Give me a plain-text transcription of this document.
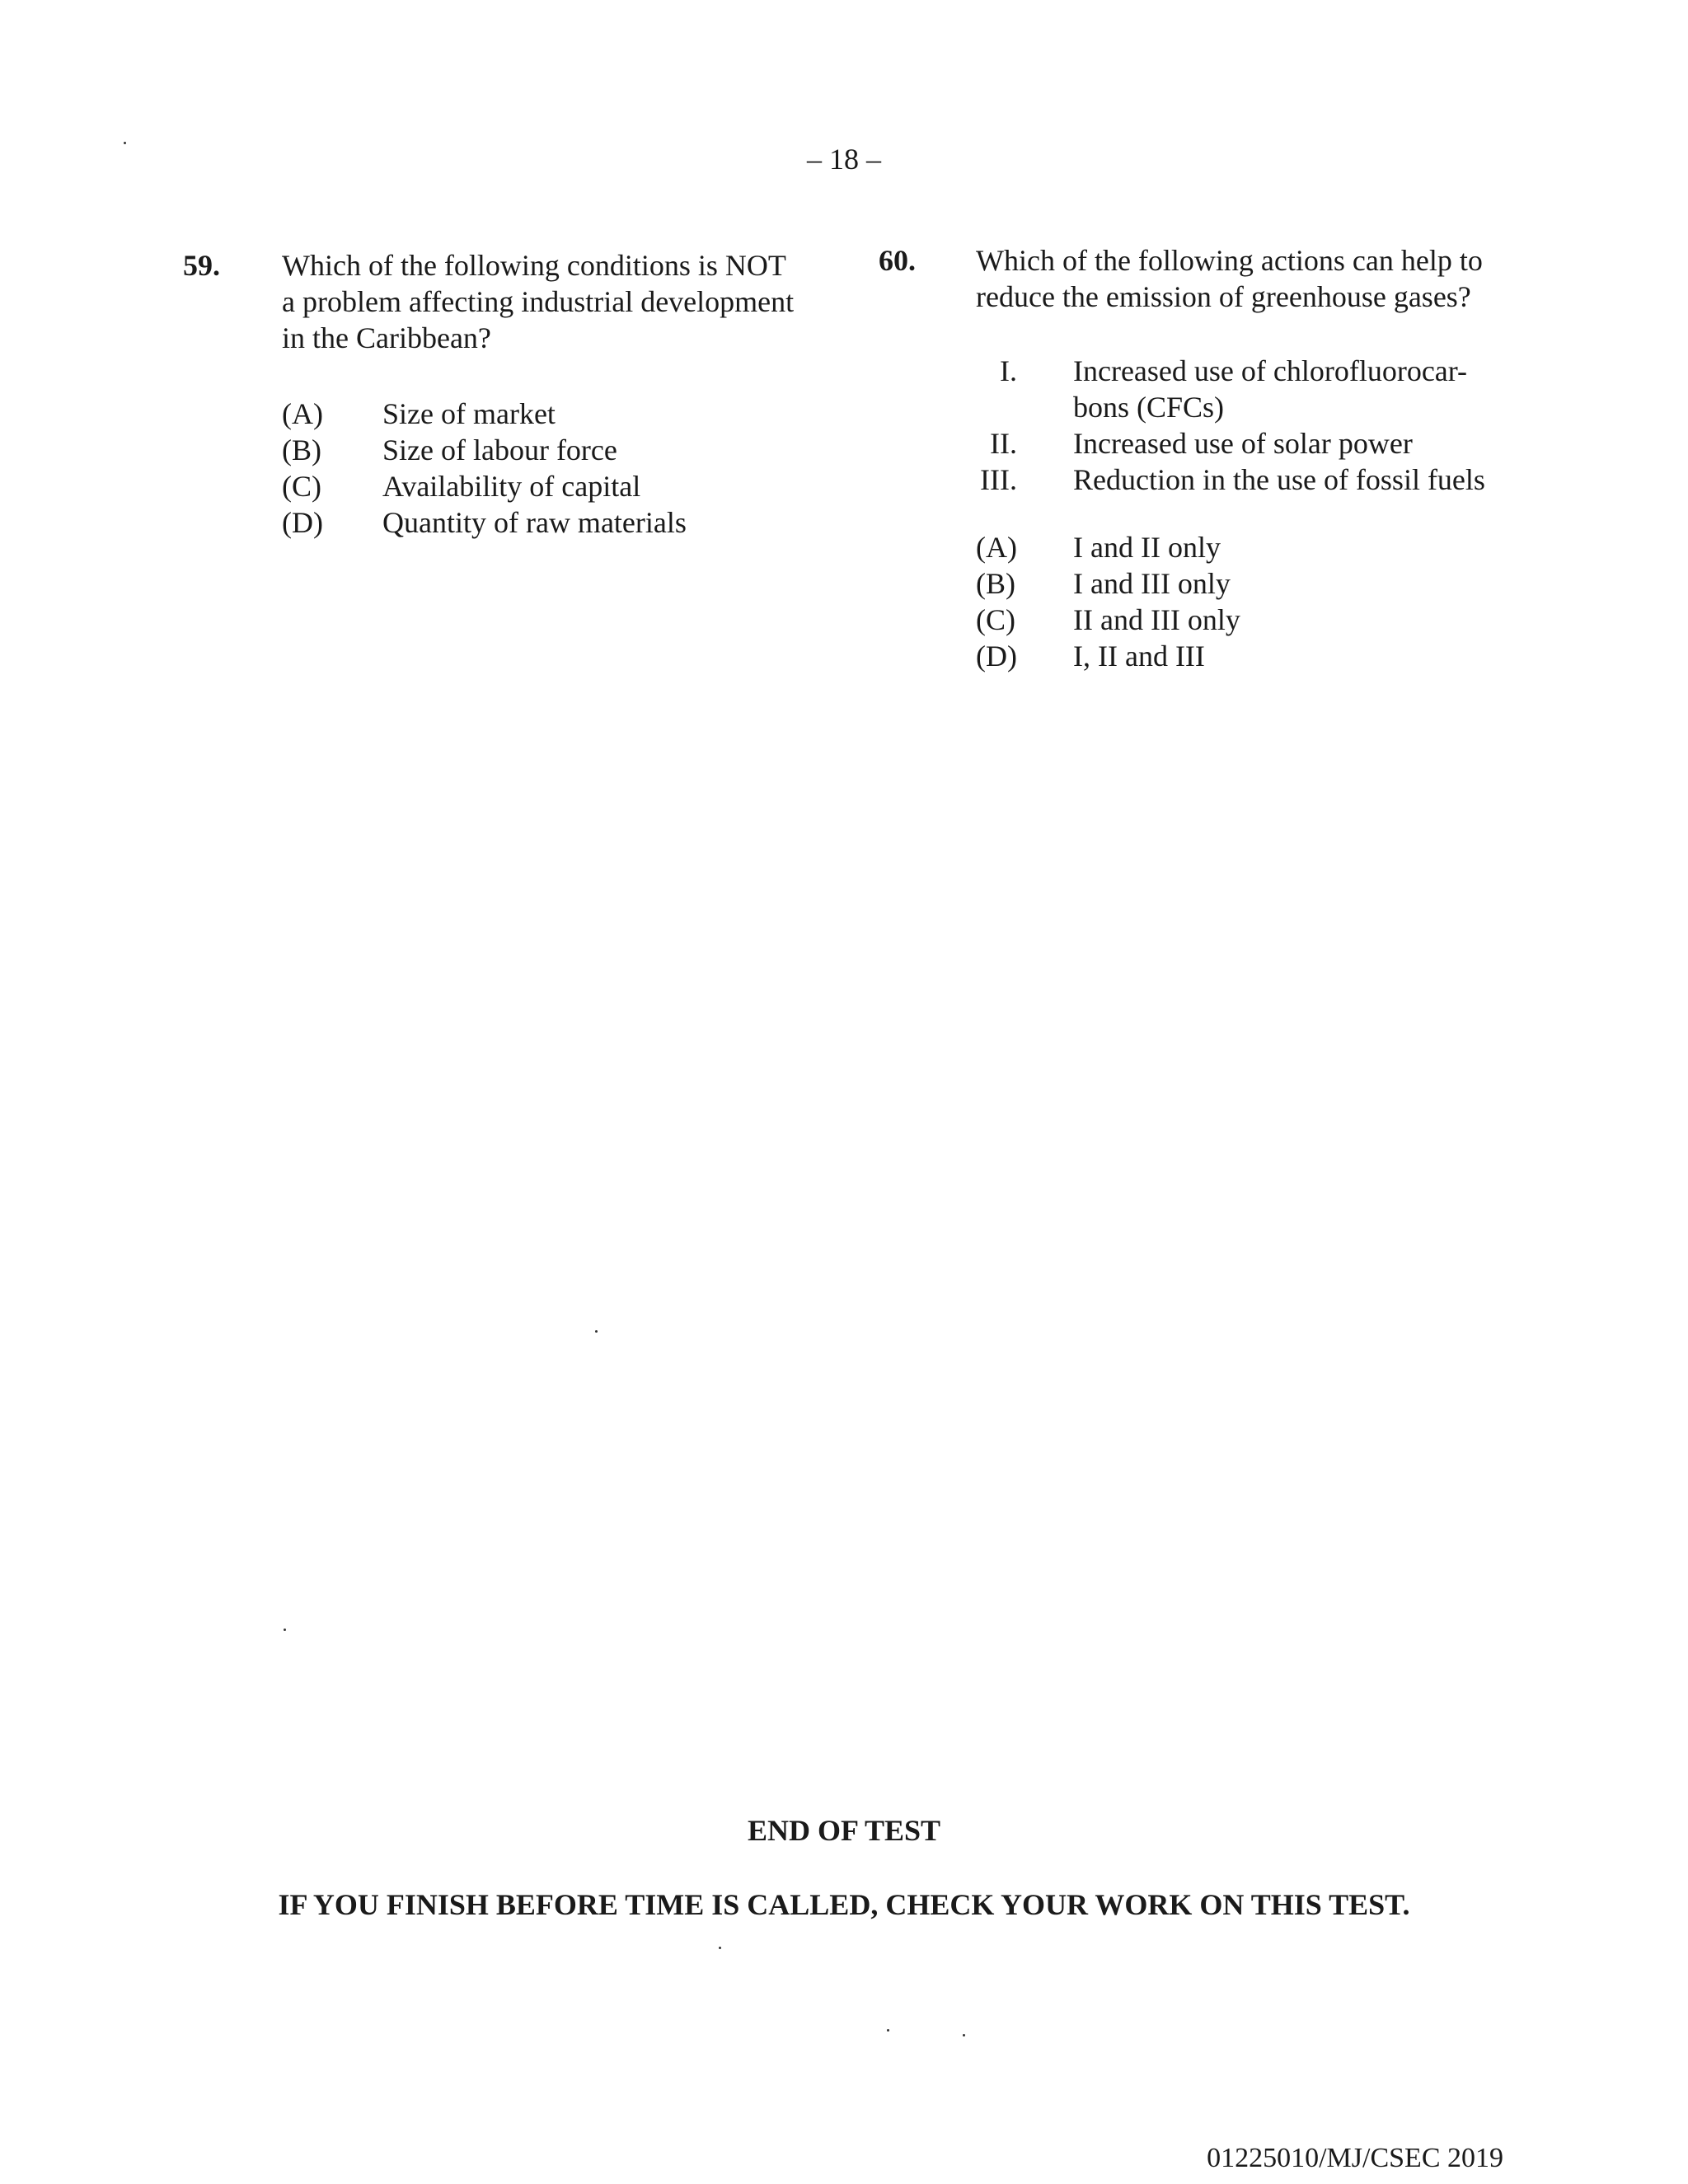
– 18 –
59. Which of the following conditions is NOT
a problem affecting industrial development
in the Caribbean?
(A) Size of market
(B) Size of labour force
(C) Availability of capital
(D) Quantity of raw materials
60. Which of the following actions can help to
reduce the emission of greenhouse gases?
I. Increased use of chlorofluorocar-
bons (CFCs)
II. Increased use of solar power
III. Reduction in the use of fossil fuels
(A) I and II only
(B) I and III only
(C) II and III only
(D) I, II and III
END OF TEST
IF YOU FINISH BEFORE TIME IS CALLED, CHECK YOUR WORK ON THIS TEST.
01225010/MJ/CSEC 2019
